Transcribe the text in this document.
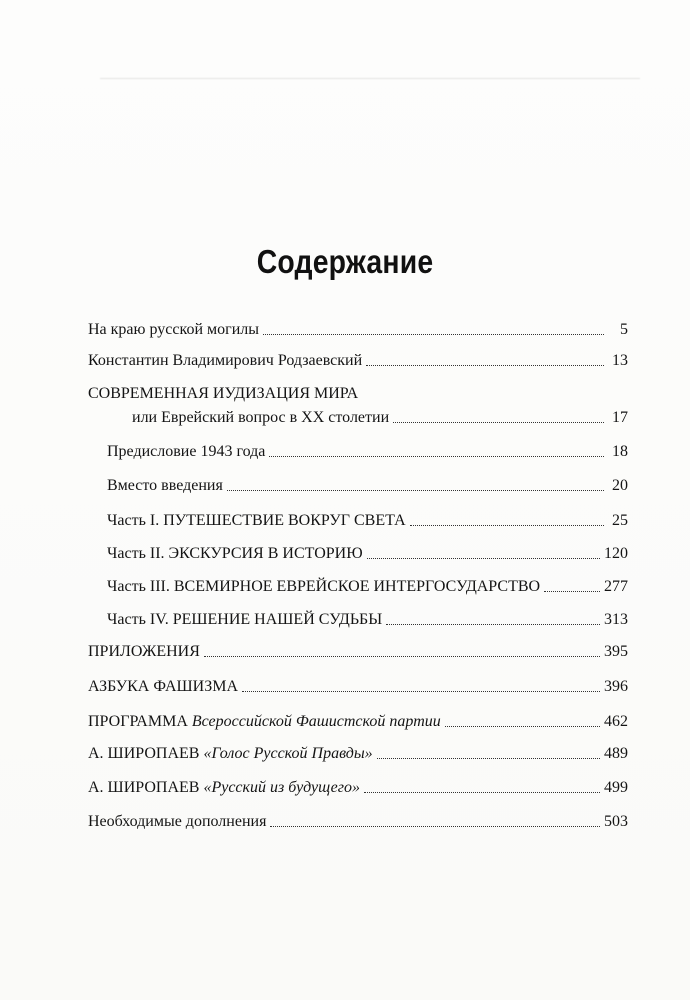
Содержание
На краю русской могилы	5
Константин Владимирович Родзаевский	13
СОВРЕМЕННАЯ ИУДИЗАЦИЯ МИРА
или Еврейский вопрос в XX столетии	17
Предисловие 1943 года	18
Вместо введения	20
Часть I. ПУТЕШЕСТВИЕ ВОКРУГ СВЕТА	25
Часть II. ЭКСКУРСИЯ В ИСТОРИЮ	120
Часть III. ВСЕМИРНОЕ ЕВРЕЙСКОЕ ИНТЕРГОСУДАРСТВО	277
Часть IV. РЕШЕНИЕ НАШЕЙ СУДЬБЫ	313
ПРИЛОЖЕНИЯ	395
АЗБУКА ФАШИЗМА	396
ПРОГРАММА Всероссийской Фашистской партии	462
А. ШИРОПАЕВ «Голос Русской Правды»	489
А. ШИРОПАЕВ «Русский из будущего»	499
Необходимые дополнения	503
